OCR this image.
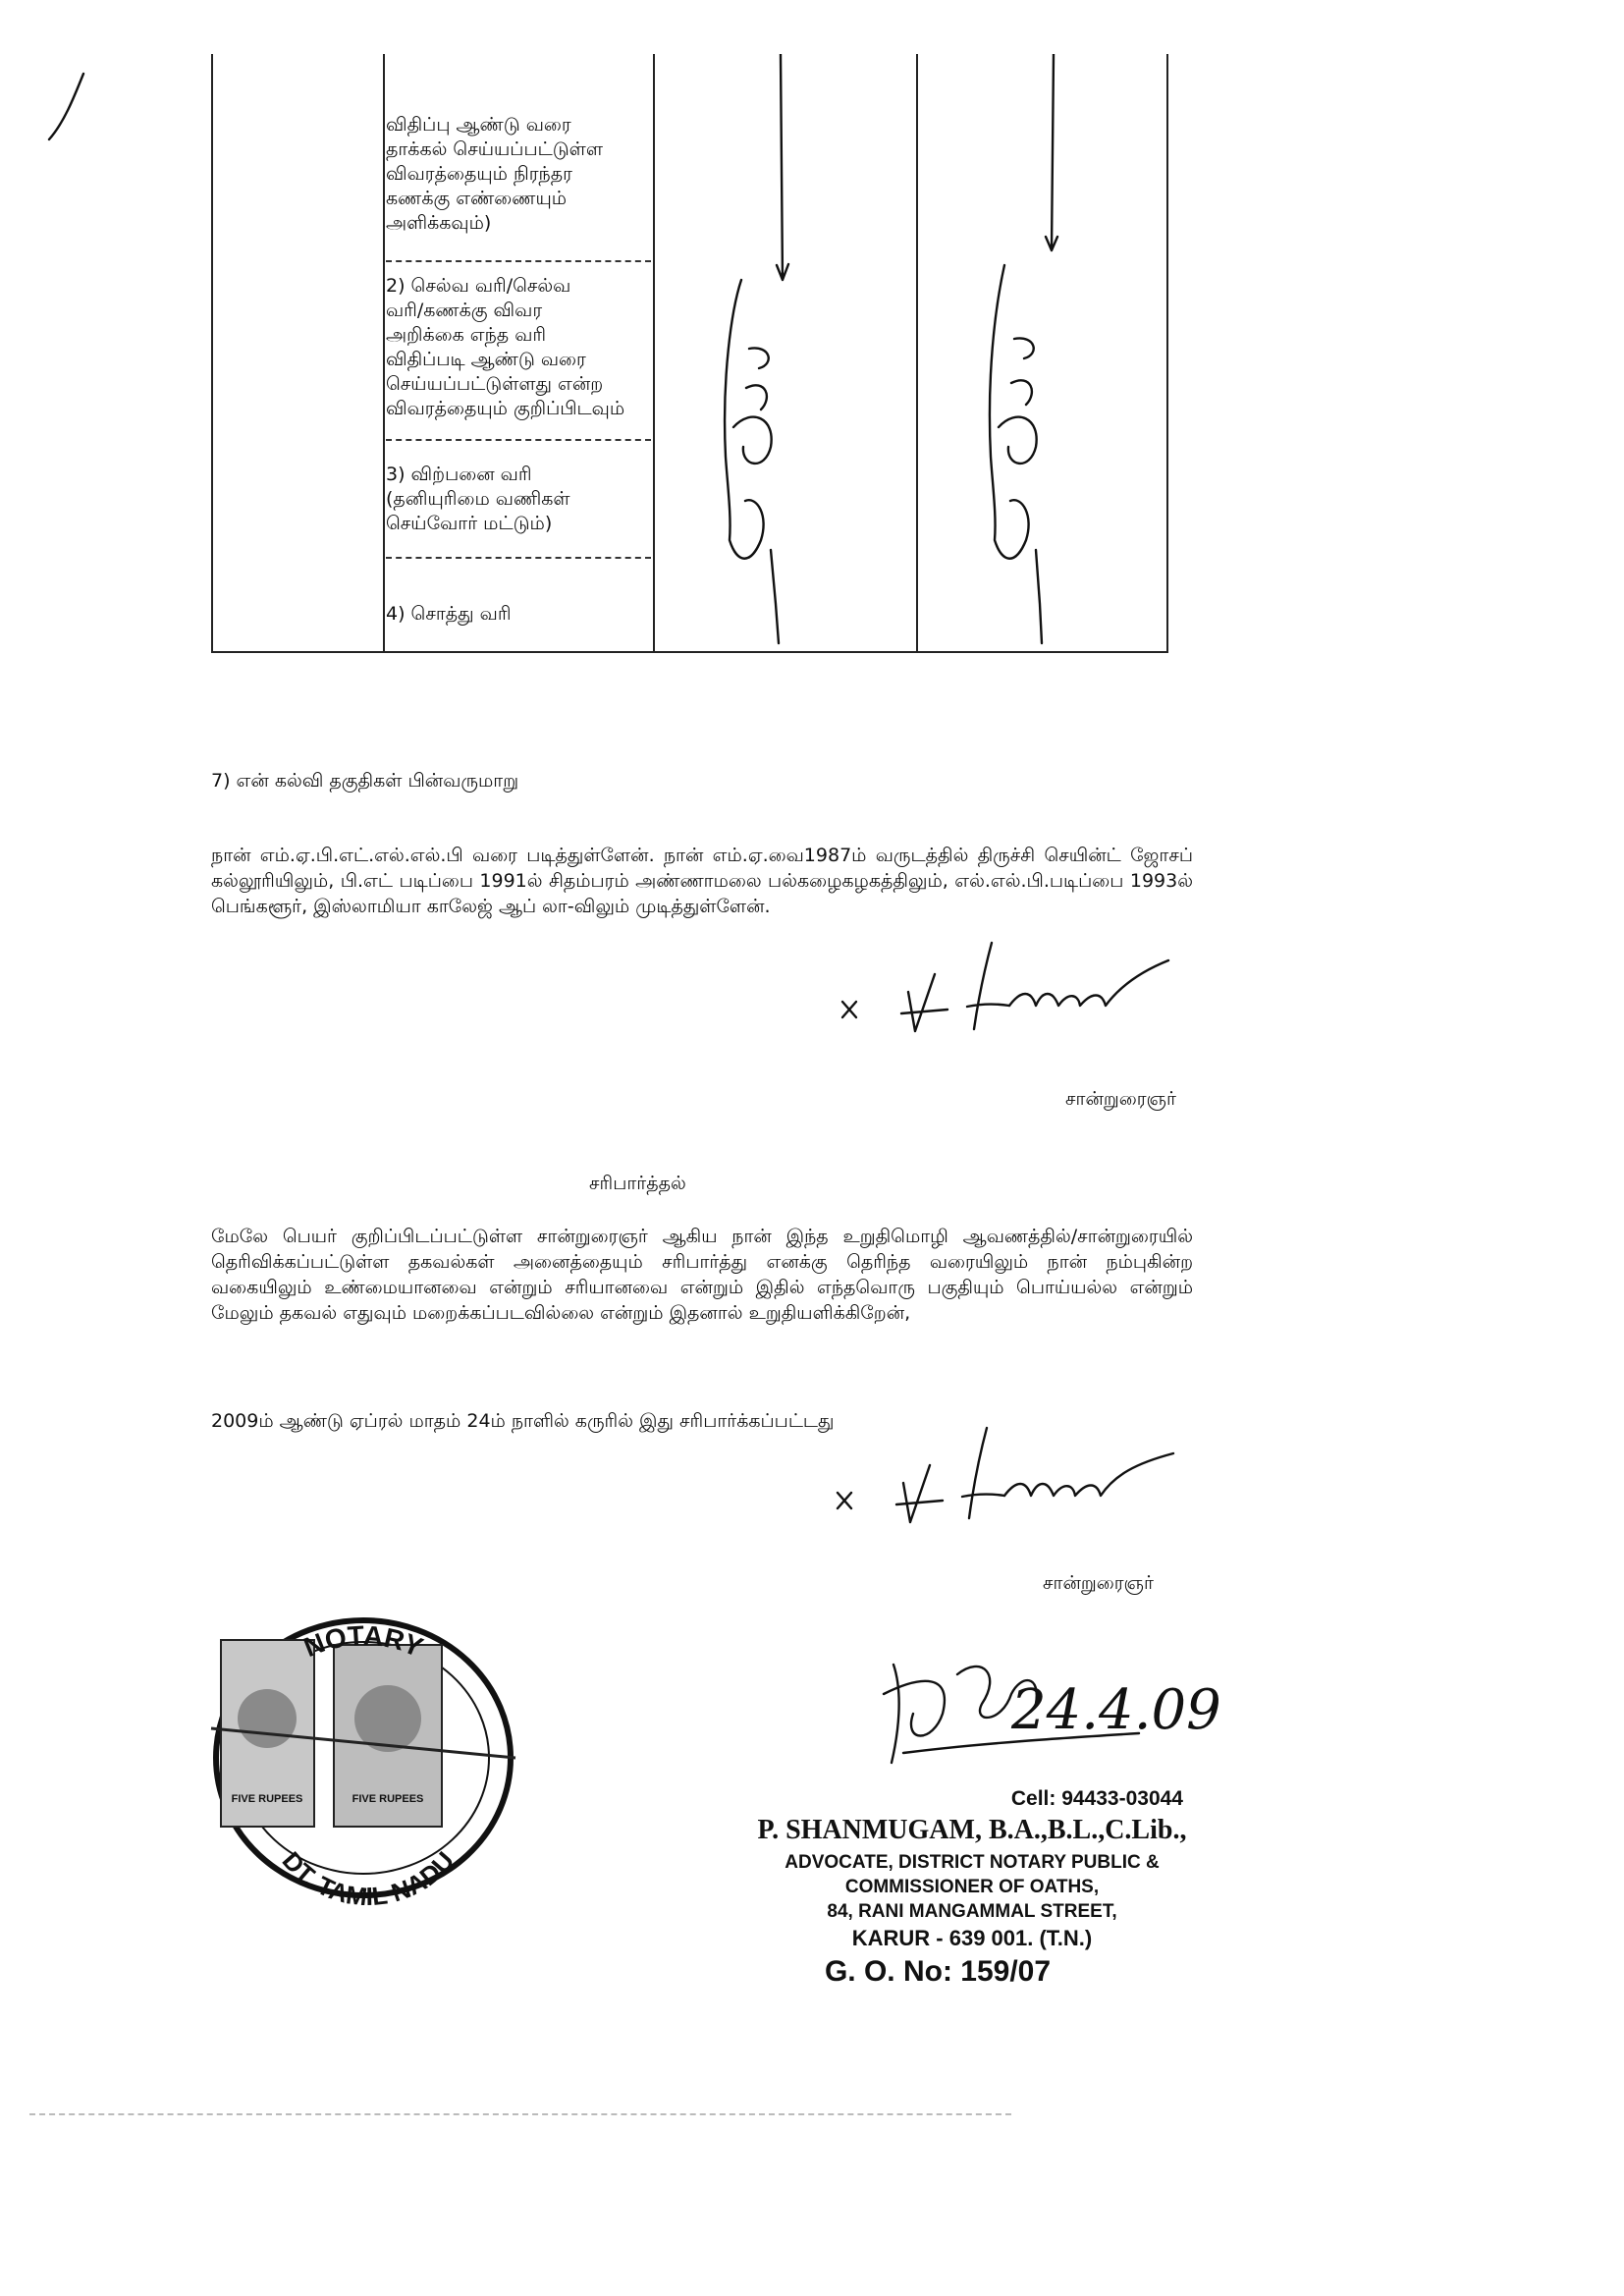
விதிப்பு ஆண்டு வரை
தாக்கல் செய்யப்பட்டுள்ள
விவரத்தையும் நிரந்தர
கணக்கு எண்ணையும்
அளிக்கவும்)
2) செல்வ வரி/செல்வ
வரி/கணக்கு விவர
அறிக்கை எந்த வரி
விதிப்படி ஆண்டு வரை
செய்யப்பட்டுள்ளது என்ற
விவரத்தையும் குறிப்பிடவும்
3) விற்பனை வரி
(தனியுரிமை வணிகள்
செய்வோர் மட்டும்)
4) சொத்து வரி
7) என் கல்வி தகுதிகள் பின்வருமாறு
நான் எம்.ஏ.பி.எட்.எல்.எல்.பி வரை படித்துள்ளேன். நான் எம்.ஏ.வை1987ம் வருடத்தில் திருச்சி செயின்ட் ஜோசப் கல்லூரியிலும், பி.எட் படிப்பை 1991ல் சிதம்பரம் அண்ணாமலை பல்கழைகழகத்திலும், எல்.எல்.பி.படிப்பை 1993ல் பெங்களூர், இஸ்லாமியா காலேஜ் ஆப் லா-விலும் முடித்துள்ளேன்.
சான்றுரைஞர்
சரிபார்த்தல்
மேலே பெயர் குறிப்பிடப்பட்டுள்ள சான்றுரைஞர் ஆகிய நான் இந்த உறுதிமொழி ஆவணத்தில்/சான்றுரையில் தெரிவிக்கப்பட்டுள்ள தகவல்கள் அனைத்தையும் சரிபார்த்து எனக்கு தெரிந்த வரையிலும் நான் நம்புகின்ற வகையிலும் உண்மையானவை என்றும் சரியானவை என்றும் இதில் எந்தவொரு பகுதியும் பொய்யல்ல என்றும் மேலும் தகவல் எதுவும் மறைக்கப்படவில்லை என்றும் இதனால் உறுதியளிக்கிறேன்,
2009ம் ஆண்டு ஏப்ரல் மாதம் 24ம் நாளில் கருரில் இது சரிபார்க்கப்பட்டது
சான்றுரைஞர்
NOTARY
DT. TAMIL NADU
FIVE RUPEES	FIVE RUPEES
24.4.09
Cell: 94433-03044
P. SHANMUGAM, B.A.,B.L.,C.Lib.,
ADVOCATE, DISTRICT NOTARY PUBLIC &
COMMISSIONER OF OATHS,
84, RANI MANGAMMAL STREET,
KARUR - 639 001. (T.N.)
G. O. No: 159/07
